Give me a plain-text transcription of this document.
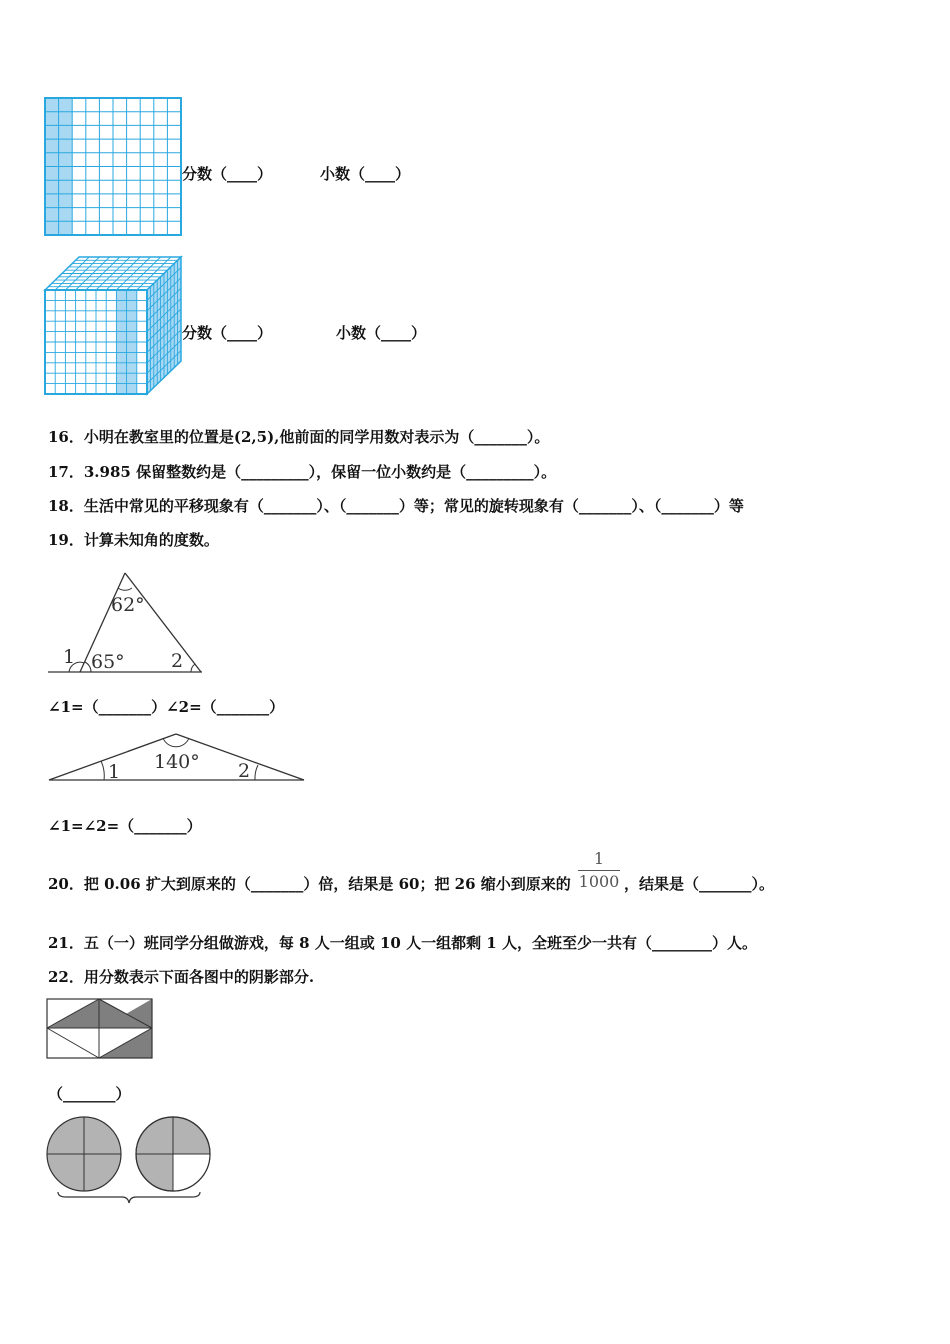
分数（____）	小数（____）
分数（____）	小数（____）
16．小明在教室里的位置是(2,5),他前面的同学用数对表示为（_______）。
17．3.985 保留整数约是（_________），保留一位小数约是（_________）。
18．生活中常见的平移现象有（_______）、（_______）等；常见的旋转现象有（_______）、（_______）等
19．计算未知角的度数。
62°
65°
1	2
∠1=（_______）∠2=（_______）
140°
1	2
∠1=∠2=（_______）
20．把 0.06 扩大到原来的（_______）倍，结果是 60；把 26 缩小到原来的
1
1000 ，结果是（_______）。
21．五（一）班同学分组做游戏，每 8 人一组或 10 人一组都剩 1 人，全班至少一共有（________）人。
22．用分数表示下面各图中的阴影部分.
（_______）
